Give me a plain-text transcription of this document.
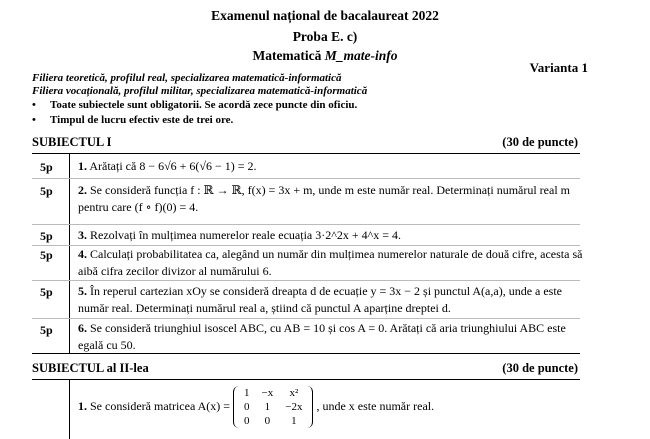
Examenul național de bacalaureat 2022
Proba E. c)
Matematică M_mate-info
Varianta 1
Filiera teoretică, profilul real, specializarea matematică-informatică
Filiera vocațională, profilul militar, specializarea matematică-informatică
• Toate subiectele sunt obligatorii. Se acordă zece puncte din oficiu.
• Timpul de lucru efectiv este de trei ore.
SUBIECTUL I	(30 de puncte)
5p 1. Arătați că 8 − 6√6 + 6(√6 − 1) = 2.
5p 2. Se consideră funcția f : ℝ → ℝ, f(x) = 3x + m, unde m este număr real. Determinați numărul real m pentru care (f ∘ f)(0) = 4.
5p 3. Rezolvați în mulțimea numerelor reale ecuația 3·2^2x + 4^x = 4.
5p 4. Calculați probabilitatea ca, alegând un număr din mulțimea numerelor naturale de două cifre, acesta să aibă cifra zecilor divizor al numărului 6.
5p 5. În reperul cartezian xOy se consideră dreapta d de ecuație y = 3x − 2 și punctul A(a,a), unde a este număr real. Determinați numărul real a, știind că punctul A aparține dreptei d.
5p 6. Se consideră triunghiul isoscel ABC, cu AB = 10 și cos A = 0. Arătați că aria triunghiului ABC este egală cu 50.
SUBIECTUL al II-lea	(30 de puncte)
1. Se consideră matricea A(x) =
1	−x	x²
0	1	−2x
0	0	1
, unde x este număr real.
